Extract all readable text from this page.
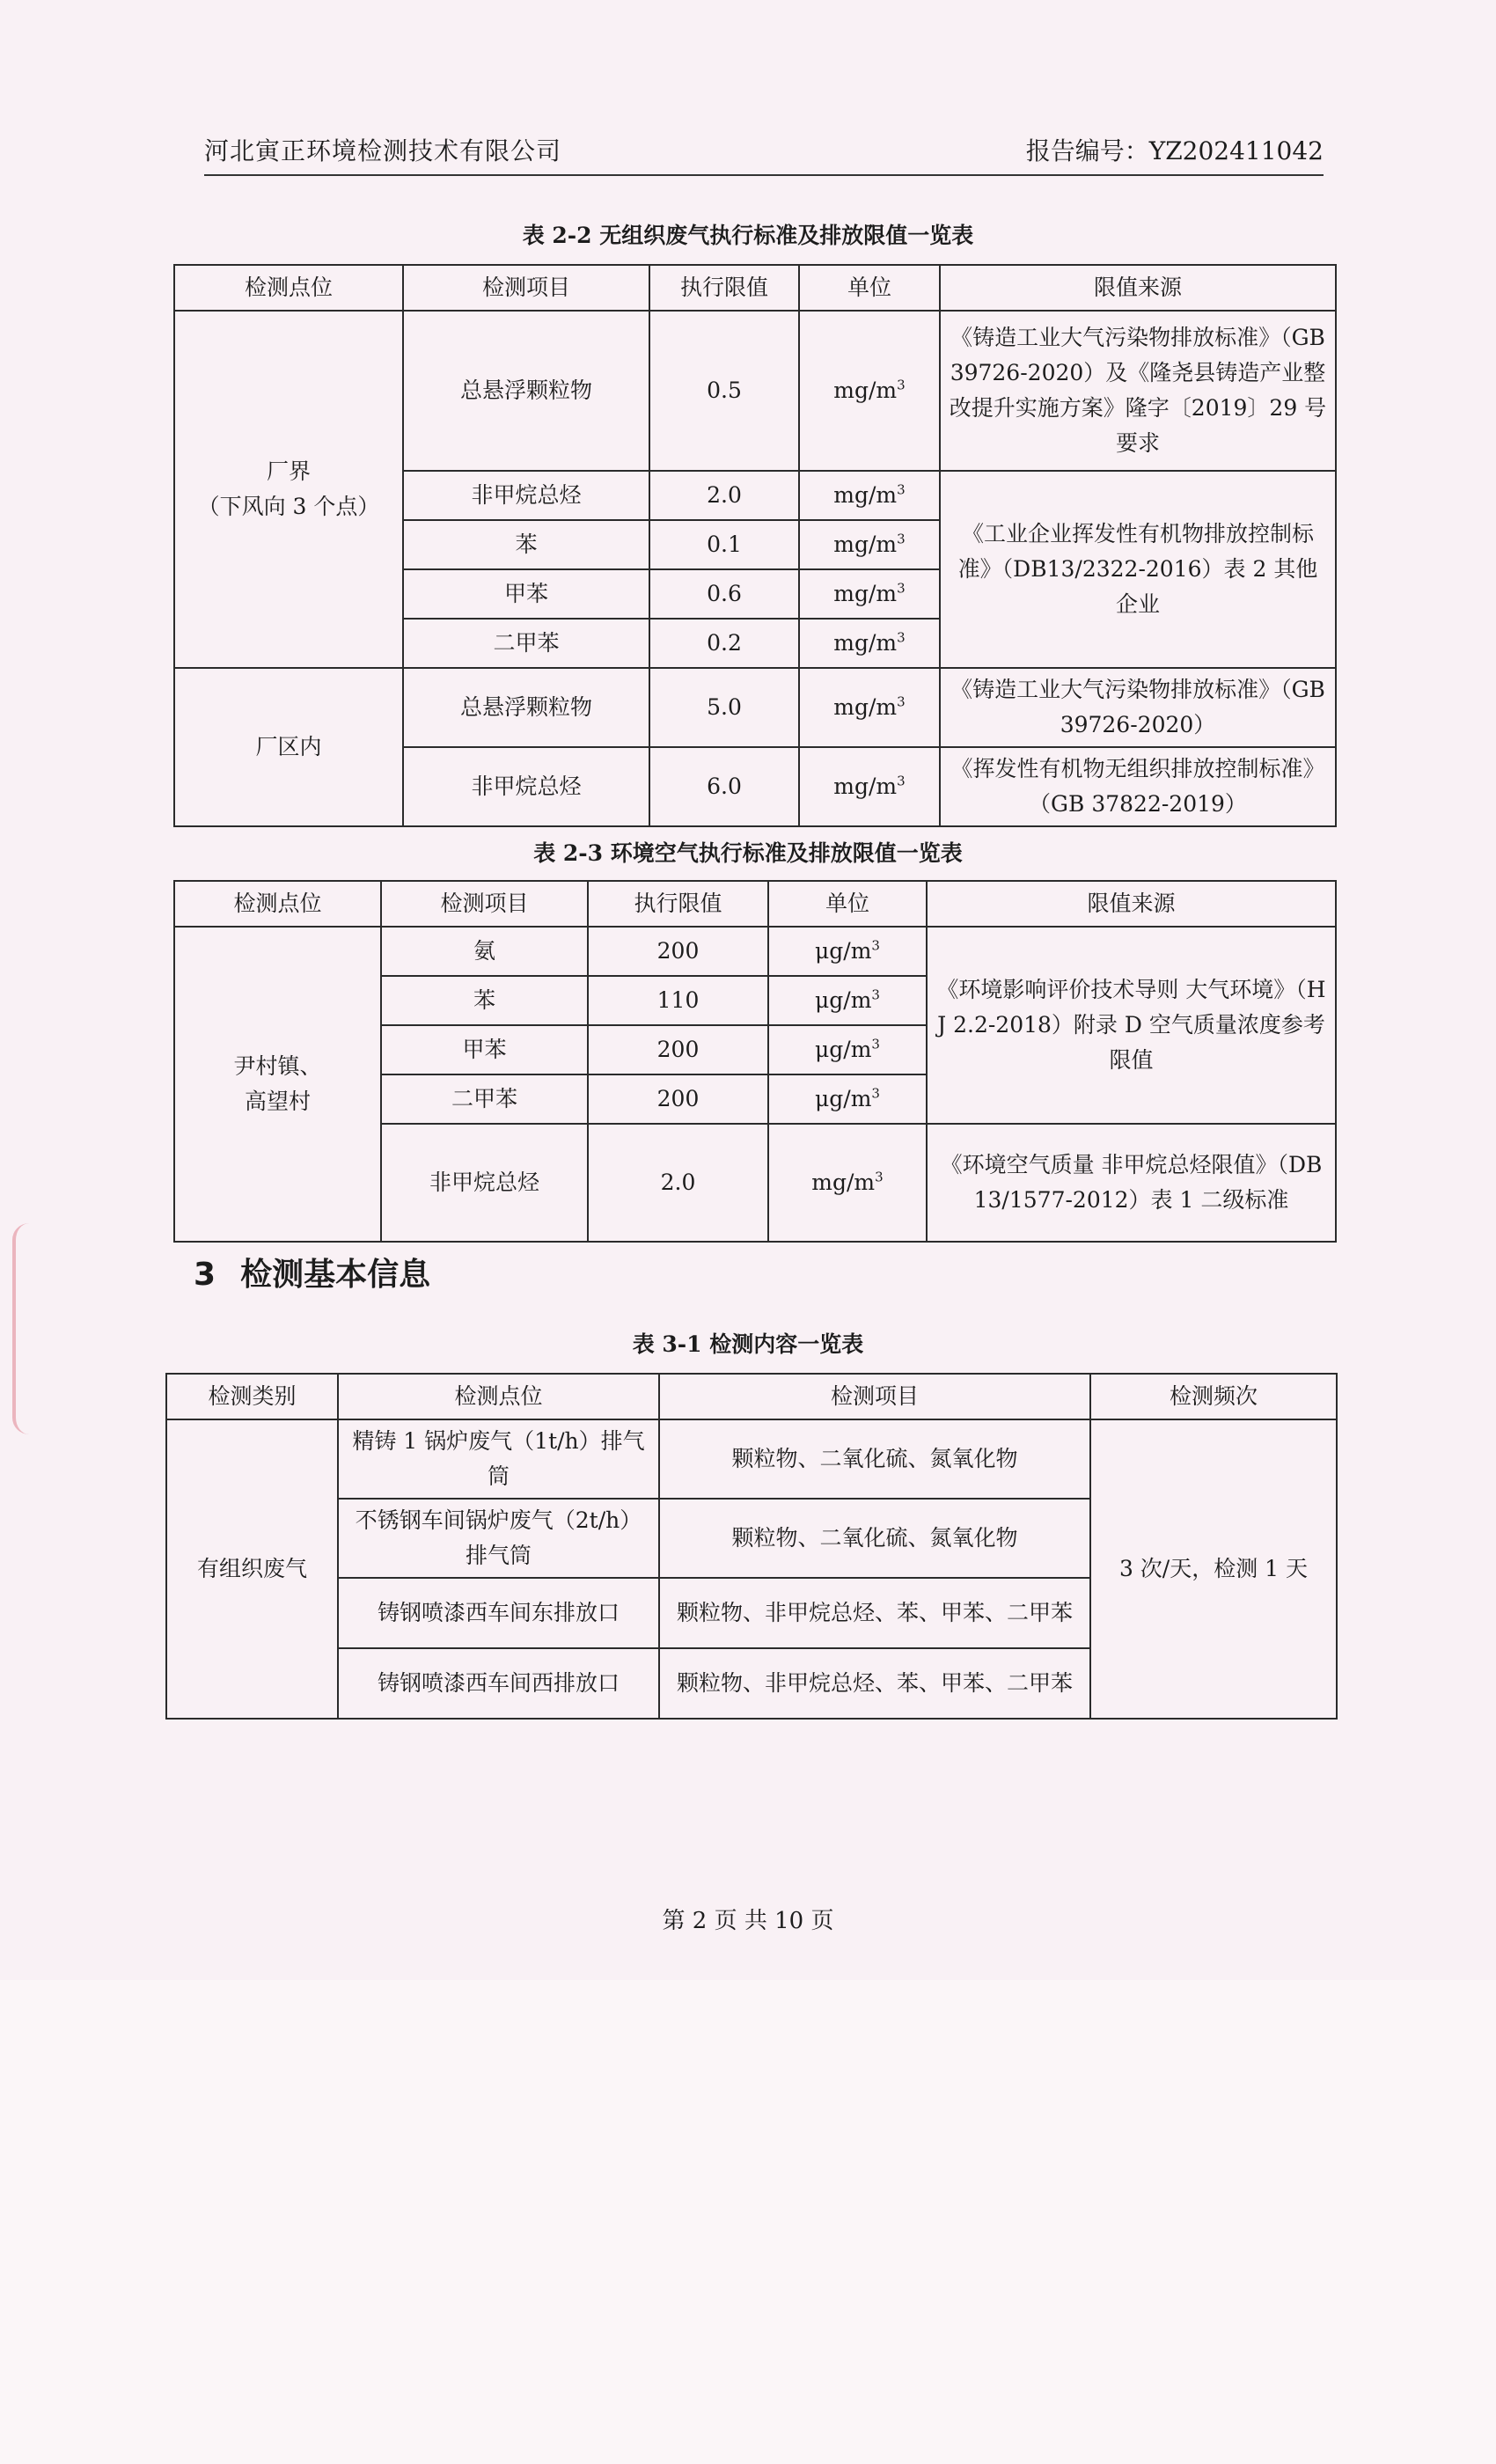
河北寅正环境检测技术有限公司	报告编号：YZ202411042
表 2-2 无组织废气执行标准及排放限值一览表
检测点位	检测项目	执行限值	单位	限值来源

厂界
（下风向 3 个点）	总悬浮颗粒物	0.5	$mg/m^3$	《铸造工业大气污染物排放标准》（GB 39726-2020）及《隆尧县铸造产业整改提升实施方案》隆字〔2019〕29 号要求
	非甲烷总烃	2.0	$mg/m^3$	《工业企业挥发性有机物排放控制标准》（DB13/2322-2016）表 2 其他企业
	苯	0.1	$mg/m^3$
	甲苯	0.6	$mg/m^3$
	二甲苯	0.2	$mg/m^3$
厂区内	总悬浮颗粒物	5.0	$mg/m^3$	《铸造工业大气污染物排放标准》（GB 39726-2020）
	非甲烷总烃	6.0	$mg/m^3$	《挥发性有机物无组织排放控制标准》（GB 37822-2019）
表 2-3 环境空气执行标准及排放限值一览表
检测点位	检测项目	执行限值	单位	限值来源

尹村镇、
高望村	氨	200	$\mu g/m^3$	《环境影响评价技术导则 大气环境》（HJ 2.2-2018）附录 D 空气质量浓度参考限值
	苯	110	$\mu g/m^3$
	甲苯	200	$\mu g/m^3$
	二甲苯	200	$\mu g/m^3$
	非甲烷总烃	2.0	$mg/m^3$	《环境空气质量 非甲烷总烃限值》（DB 13/1577-2012）表 1 二级标准
3 检测基本信息
表 3-1 检测内容一览表
检测类别	检测点位	检测项目	检测频次
有组织废气	精铸 1 锅炉废气（1t/h）排气筒	颗粒物、二氧化硫、氮氧化物	3 次/天，检测 1 天
	不锈钢车间锅炉废气（2t/h）排气筒	颗粒物、二氧化硫、氮氧化物	
	铸钢喷漆西车间东排放口	颗粒物、非甲烷总烃、苯、甲苯、二甲苯	
	铸钢喷漆西车间西排放口	颗粒物、非甲烷总烃、苯、甲苯、二甲苯	
第 2 页 共 10 页
